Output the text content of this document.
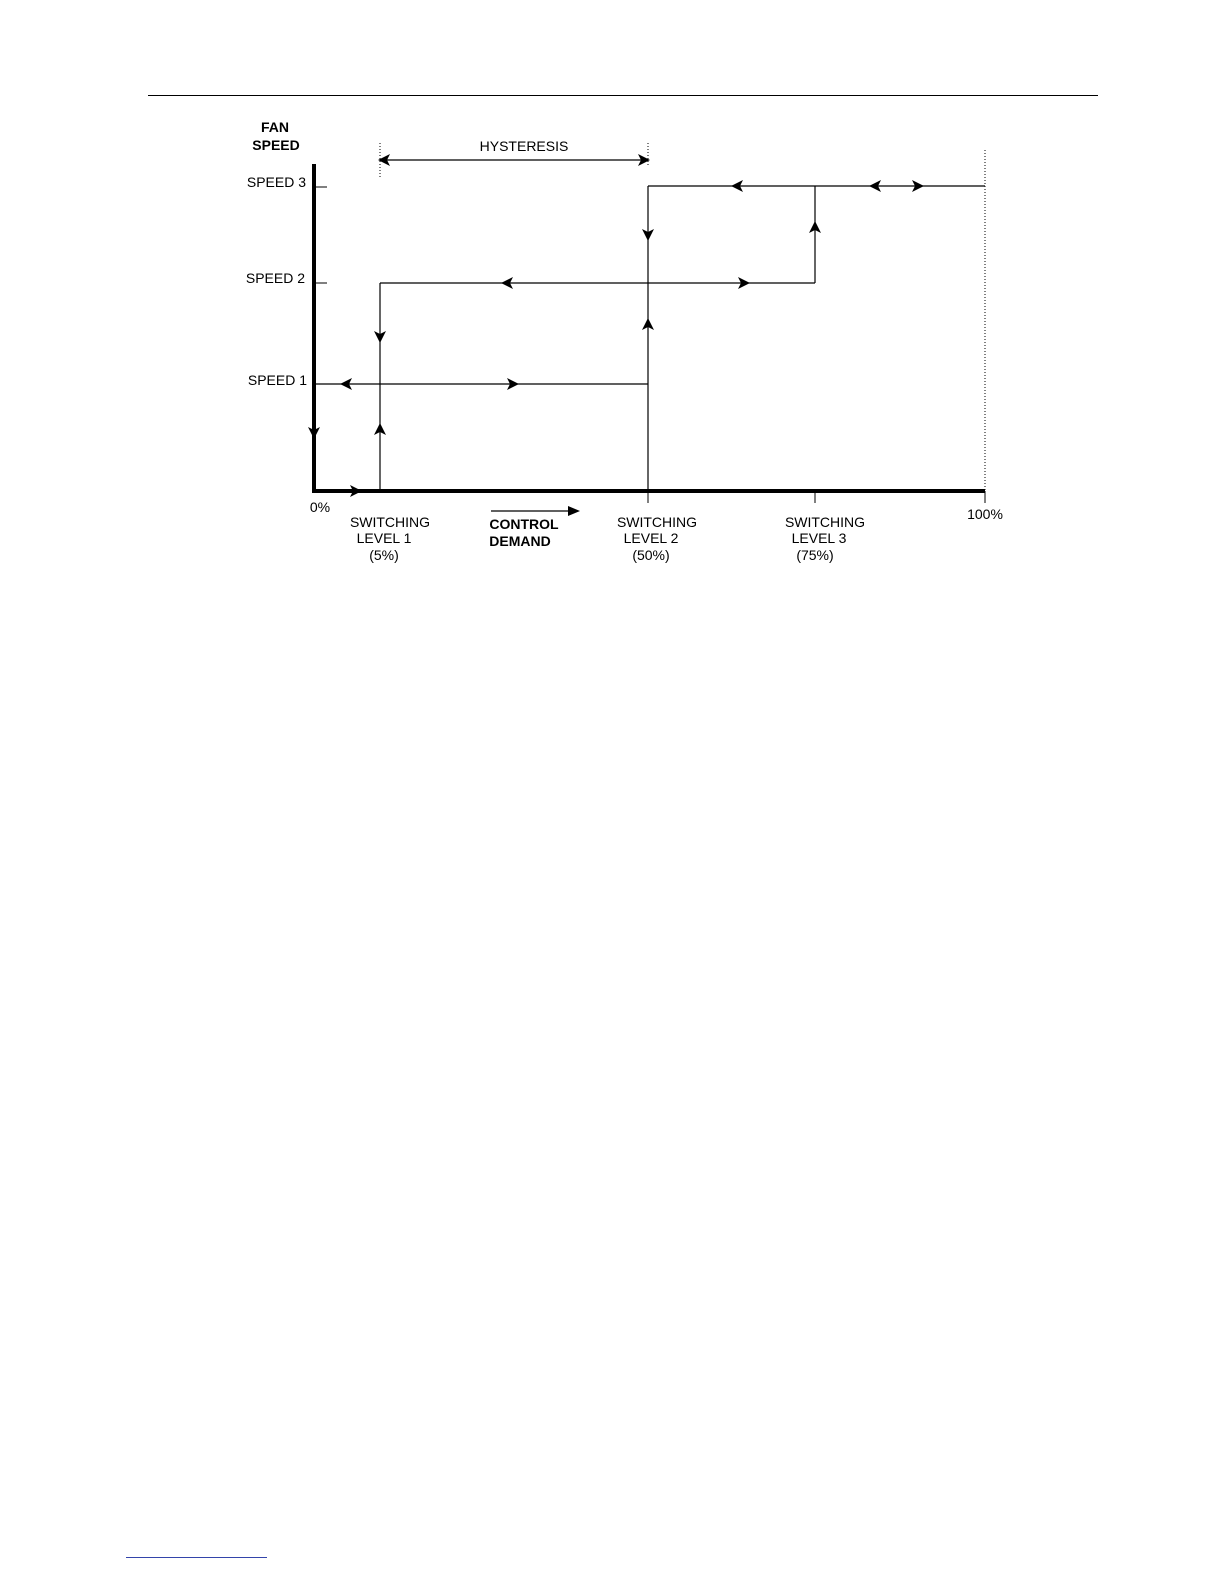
FAN
SPEED
SPEED 3
SPEED 2
SPEED 1
HYSTERESIS
0%	100%
SWITCHING
LEVEL 1
(5%)
CONTROL
DEMAND
SWITCHING
LEVEL 2
(50%)
SWITCHING
LEVEL 3
(75%)
